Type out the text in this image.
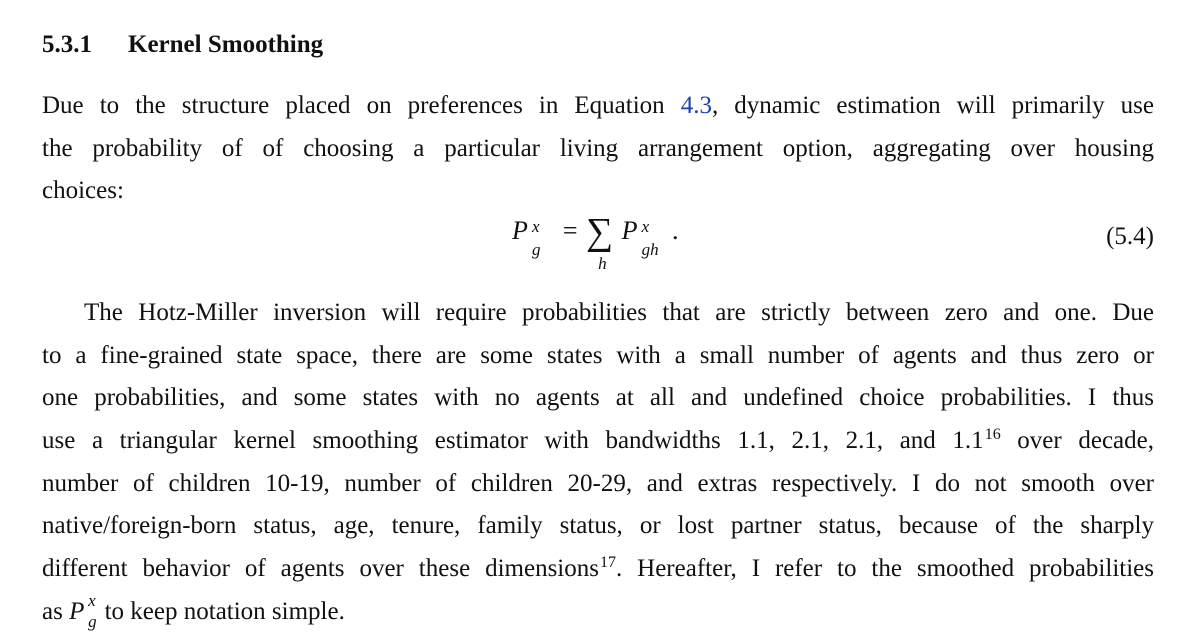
5.3.1 Kernel Smoothing
Due to the structure placed on preferences in Equation 4.3, dynamic estimation will primarily use
the probability of of choosing a particular living arrangement option, aggregating over housing
choices:
P x
g
= ∑
h
P x
gh
.	(5.4)
The Hotz-Miller inversion will require probabilities that are strictly between zero and one. Due
to a fine-grained state space, there are some states with a small number of agents and thus zero or
one probabilities, and some states with no agents at all and undefined choice probabilities. I thus
use a triangular kernel smoothing estimator with bandwidths 1.1, 2.1, 2.1, and 1.1$^{16}$ over decade,
number of children 10-19, number of children 20-29, and extras respectively. I do not smooth over
native/foreign-born status, age, tenure, family status, or lost partner status, because of the sharply
different behavior of agents over these dimensions$^{17}$. Hereafter, I refer to the smoothed probabilities
as P x
g to keep notation simple.
